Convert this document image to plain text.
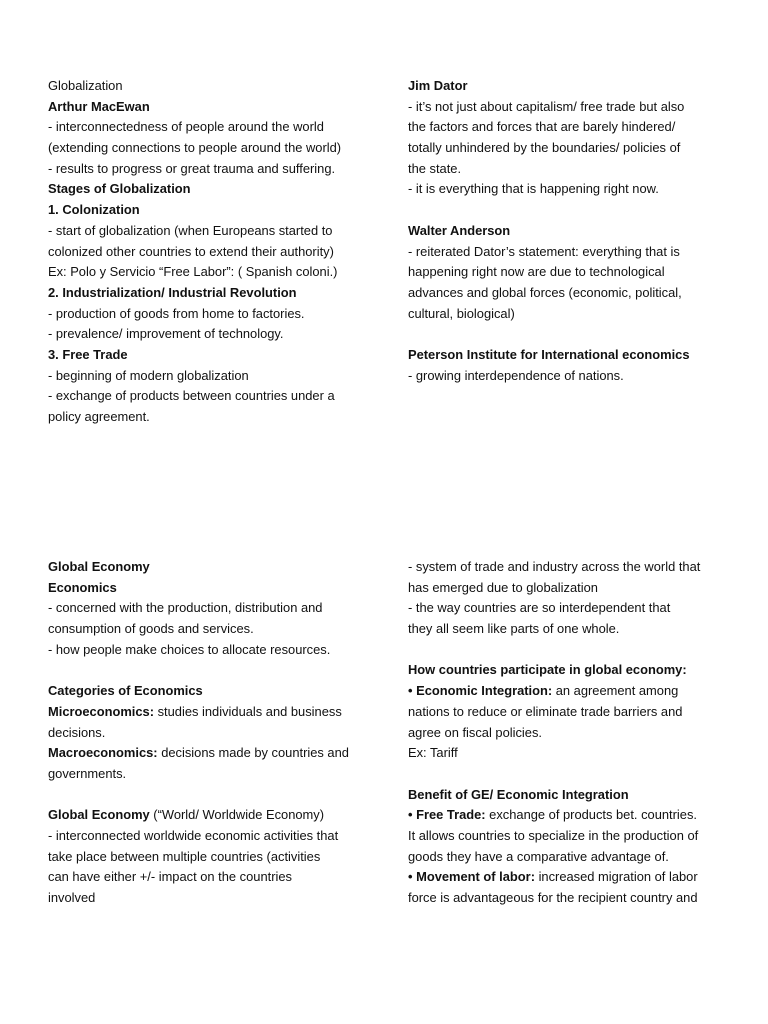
Globalization
Arthur MacEwan
- interconnectedness of people around the world
(extending connections to people around the world)
- results to progress or great trauma and suffering.
Stages of Globalization
1. Colonization
- start of globalization (when Europeans started to
colonized other countries to extend their authority)
Ex: Polo y Servicio “Free Labor”: ( Spanish coloni.)
2. Industrialization/ Industrial Revolution
- production of goods from home to factories.
- prevalence/ improvement of technology.
3. Free Trade
- beginning of modern globalization
- exchange of products between countries under a
policy agreement.
Jim Dator
- it’s not just about capitalism/ free trade but also
the factors and forces that are barely hindered/
totally unhindered by the boundaries/ policies of
the state.
- it is everything that is happening right now.
Walter Anderson
- reiterated Dator’s statement: everything that is
happening right now are due to technological
advances and global forces (economic, political,
cultural, biological)
Peterson Institute for International economics
- growing interdependence of nations.
Global Economy
Economics
- concerned with the production, distribution and
consumption of goods and services.
- how people make choices to allocate resources.
Categories of Economics
Microeconomics: studies individuals and business
decisions.
Macroeconomics: decisions made by countries and
governments.
Global Economy (“World/ Worldwide Economy)
- interconnected worldwide economic activities that
take place between multiple countries (activities
can have either +/- impact on the countries
involved
- system of trade and industry across the world that
has emerged due to globalization
- the way countries are so interdependent that
they all seem like parts of one whole.
How countries participate in global economy:
• Economic Integration: an agreement among
nations to reduce or eliminate trade barriers and
agree on fiscal policies.
Ex: Tariff
Benefit of GE/ Economic Integration
• Free Trade: exchange of products bet. countries.
It allows countries to specialize in the production of
goods they have a comparative advantage of.
• Movement of labor: increased migration of labor
force is advantageous for the recipient country and
